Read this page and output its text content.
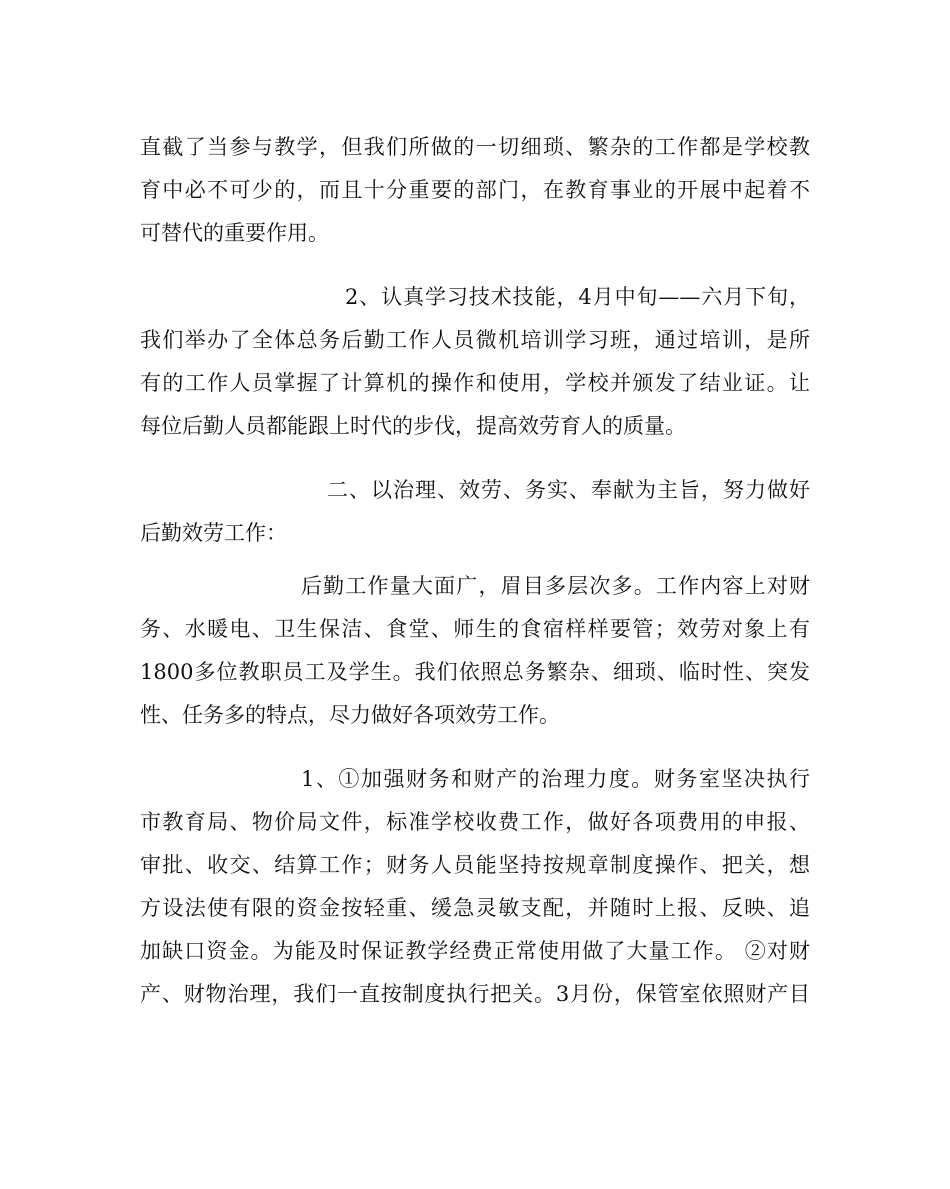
直截了当参与教学，但我们所做的一切细琐、繁杂的工作都是学校教
育中必不可少的，而且十分重要的部门，在教育事业的开展中起着不
可替代的重要作用。
2、认真学习技术技能，4月中旬——六月下旬，
我们举办了全体总务后勤工作人员微机培训学习班，通过培训，是所
有的工作人员掌握了计算机的操作和使用，学校并颁发了结业证。让
每位后勤人员都能跟上时代的步伐，提高效劳育人的质量。
二、以治理、效劳、务实、奉献为主旨，努力做好
后勤效劳工作：
后勤工作量大面广，眉目多层次多。工作内容上对财
务、水暖电、卫生保洁、食堂、师生的食宿样样要管；效劳对象上有
1800多位教职员工及学生。我们依照总务繁杂、细琐、临时性、突发
性、任务多的特点，尽力做好各项效劳工作。
1、①加强财务和财产的治理力度。财务室坚决执行
市教育局、物价局文件，标准学校收费工作，做好各项费用的申报、
审批、收交、结算工作；财务人员能坚持按规章制度操作、把关，想
方设法使有限的资金按轻重、缓急灵敏支配，并随时上报、反映、追
加缺口资金。为能及时保证教学经费正常使用做了大量工作。 ②对财
产、财物治理，我们一直按制度执行把关。3月份，保管室依照财产目
